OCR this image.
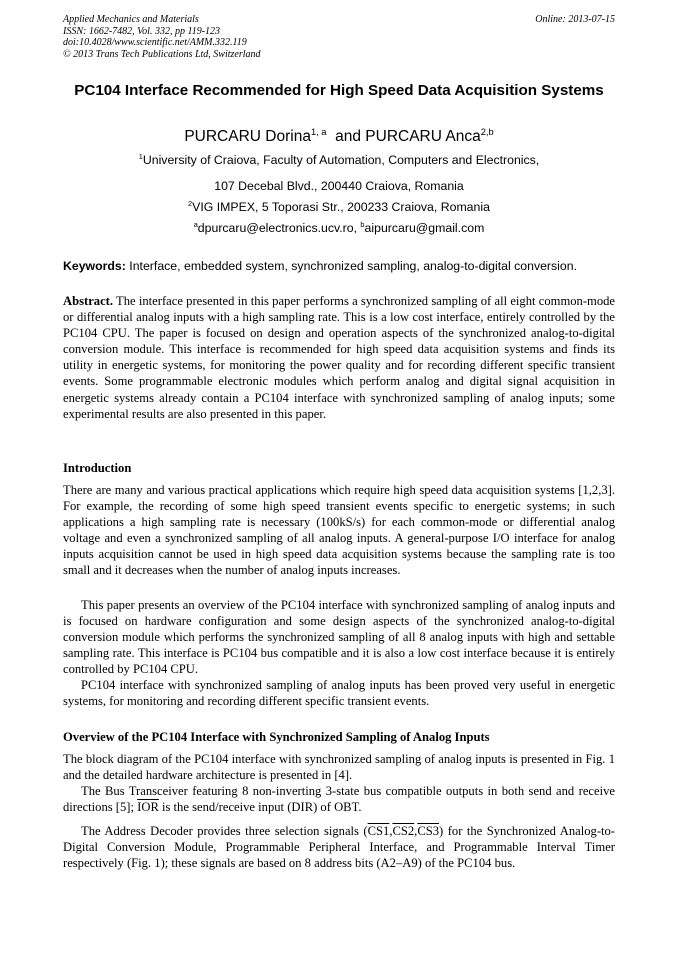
Applied Mechanics and Materials
ISSN: 1662-7482, Vol. 332, pp 119-123
doi:10.4028/www.scientific.net/AMM.332.119
© 2013 Trans Tech Publications Ltd, Switzerland
Online: 2013-07-15
PC104 Interface Recommended for High Speed Data Acquisition Systems
PURCARU Dorina$^{1, a}$ and PURCARU Anca$^{2,b}$
$^1$University of Craiova, Faculty of Automation, Computers and Electronics,
107 Decebal Blvd., 200440 Craiova, Romania
$^2$VIG IMPEX, 5 Toporasi Str., 200233 Craiova, Romania
$^a$dpurcaru@electronics.ucv.ro, $^b$aipurcaru@gmail.com
Keywords: Interface, embedded system, synchronized sampling, analog-to-digital conversion.
Abstract. The interface presented in this paper performs a synchronized sampling of all eight common-mode or differential analog inputs with a high sampling rate. This is a low cost interface, entirely controlled by the PC104 CPU. The paper is focused on design and operation aspects of the synchronized analog-to-digital conversion module. This interface is recommended for high speed data acquisition systems and finds its utility in energetic systems, for monitoring the power quality and for recording different specific transient events. Some programmable electronic modules which perform analog and digital signal acquisition in energetic systems already contain a PC104 interface with synchronized sampling of analog inputs; some experimental results are also presented in this paper.
Introduction
There are many and various practical applications which require high speed data acquisition systems [1,2,3]. For example, the recording of some high speed transient events specific to energetic systems; in such applications a high sampling rate is necessary (100kS/s) for each common-mode or differential analog voltage and even a synchronized sampling of all analog inputs. A general-purpose I/O interface for analog inputs acquisition cannot be used in high speed data acquisition systems because the sampling rate is too small and it decreases when the number of analog inputs increases.
This paper presents an overview of the PC104 interface with synchronized sampling of analog inputs and is focused on hardware configuration and some design aspects of the synchronized analog-to-digital conversion module which performs the synchronized sampling of all 8 analog inputs with high and settable sampling rate. This interface is PC104 bus compatible and it is also a low cost interface because it is entirely controlled by PC104 CPU.
PC104 interface with synchronized sampling of analog inputs has been proved very useful in energetic systems, for monitoring and recording different specific transient events.
Overview of the PC104 Interface with Synchronized Sampling of Analog Inputs
The block diagram of the PC104 interface with synchronized sampling of analog inputs is presented in Fig. 1 and the detailed hardware architecture is presented in [4].
The Bus Transceiver featuring 8 non-inverting 3-state bus compatible outputs in both send and receive directions [5]; $\overline{IOR}$ is the send/receive input (DIR) of OBT.
The Address Decoder provides three selection signals (CS1,CS2,CS3) for the Synchronized Analog-to-Digital Conversion Module, Programmable Peripheral Interface, and Programmable Interval Timer respectively (Fig. 1); these signals are based on 8 address bits (A2–A9) of the PC104 bus.
